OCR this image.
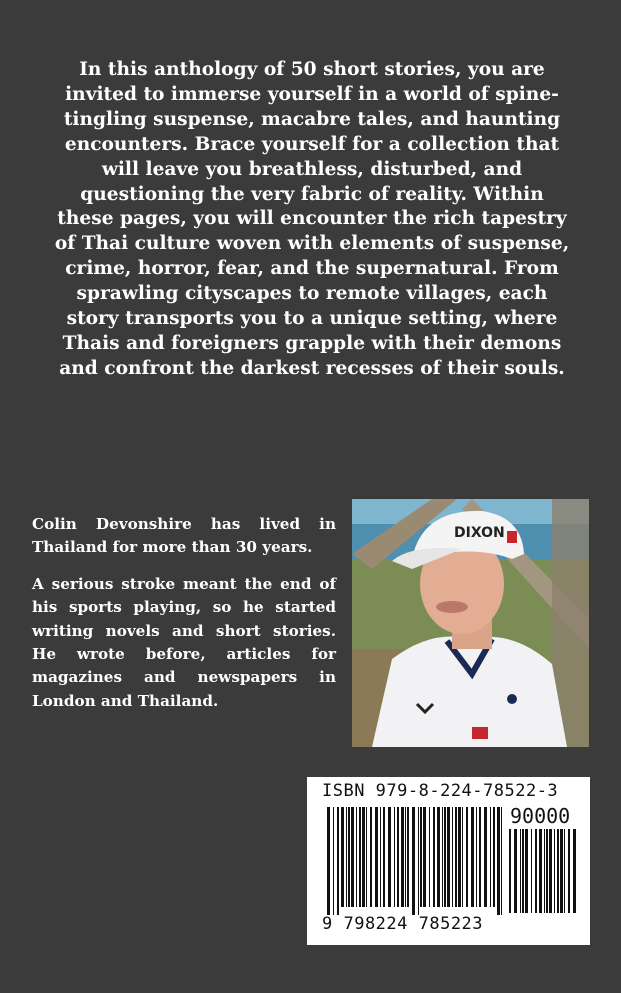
In this anthology of 50 short stories, you are invited to immerse yourself in a world of spine-tingling suspense, macabre tales, and haunting encounters. Brace yourself for a collection that will leave you breathless, disturbed, and questioning the very fabric of reality. Within these pages, you will encounter the rich tapestry of Thai culture woven with elements of suspense, crime, horror, fear, and the supernatural. From sprawling cityscapes to remote villages, each story transports you to a unique setting, where Thais and foreigners grapple with their demons and confront the darkest recesses of their souls.

Colin Devonshire has lived in Thailand for more than 30 years.

A serious stroke meant the end of his sports playing, so he started writing novels and short stories. He wrote before, articles for magazines and newspapers in London and Thailand.

DIXON
ISBN 979-8-224-78522-3
90000
9 798224 785223
